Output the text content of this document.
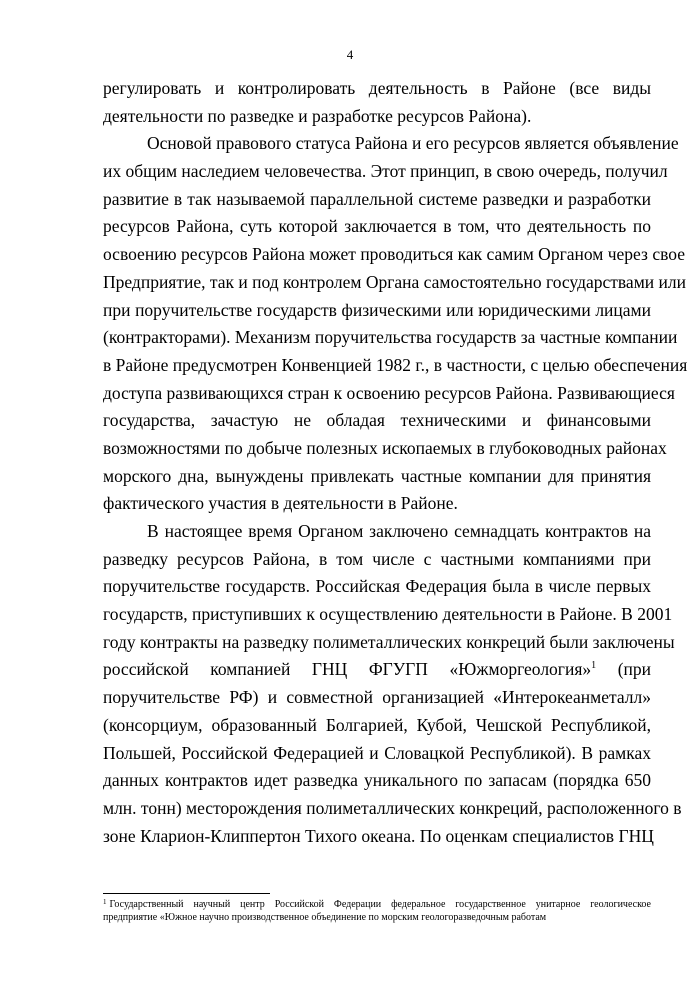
4
регулировать и контролировать деятельность в Районе (все виды
деятельности по разведке и разработке ресурсов Района).
Основой правового статуса Района и его ресурсов является объявление
их общим наследием человечества. Этот принцип, в свою очередь, получил
развитие в так называемой параллельной системе разведки и разработки
ресурсов Района, суть которой заключается в том, что деятельность по
освоению ресурсов Района может проводиться как самим Органом через свое
Предприятие, так и под контролем Органа самостоятельно государствами или
при поручительстве государств физическими или юридическими лицами
(контракторами). Механизм поручительства государств за частные компании
в Районе предусмотрен Конвенцией 1982 г., в частности, с целью обеспечения
доступа развивающихся стран к освоению ресурсов Района. Развивающиеся
государства, зачастую не обладая техническими и финансовыми
возможностями по добыче полезных ископаемых в глубоководных районах
морского дна, вынуждены привлекать частные компании для принятия
фактического участия в деятельности в Районе.
В настоящее время Органом заключено семнадцать контрактов на
разведку ресурсов Района, в том числе с частными компаниями при
поручительстве государств. Российская Федерация была в числе первых
государств, приступивших к осуществлению деятельности в Районе. В 2001
году контракты на разведку полиметаллических конкреций были заключены
российской компанией ГНЦ ФГУГП «Южморгеология»$^1$ (при
поручительстве РФ) и совместной организацией «Интерокеанметалл»
(консорциум, образованный Болгарией, Кубой, Чешской Республикой,
Польшей, Российской Федерацией и Словацкой Республикой). В рамках
данных контрактов идет разведка уникального по запасам (порядка 650
млн. тонн) месторождения полиметаллических конкреций, расположенного в
зоне Кларион-Клиппертон Тихого океана. По оценкам специалистов ГНЦ
$^1$ Государственный научный центр Российской Федерации федеральное государственное унитарное геологическое
предприятие «Южное научно производственное объединение по морским геологоразведочным работам
